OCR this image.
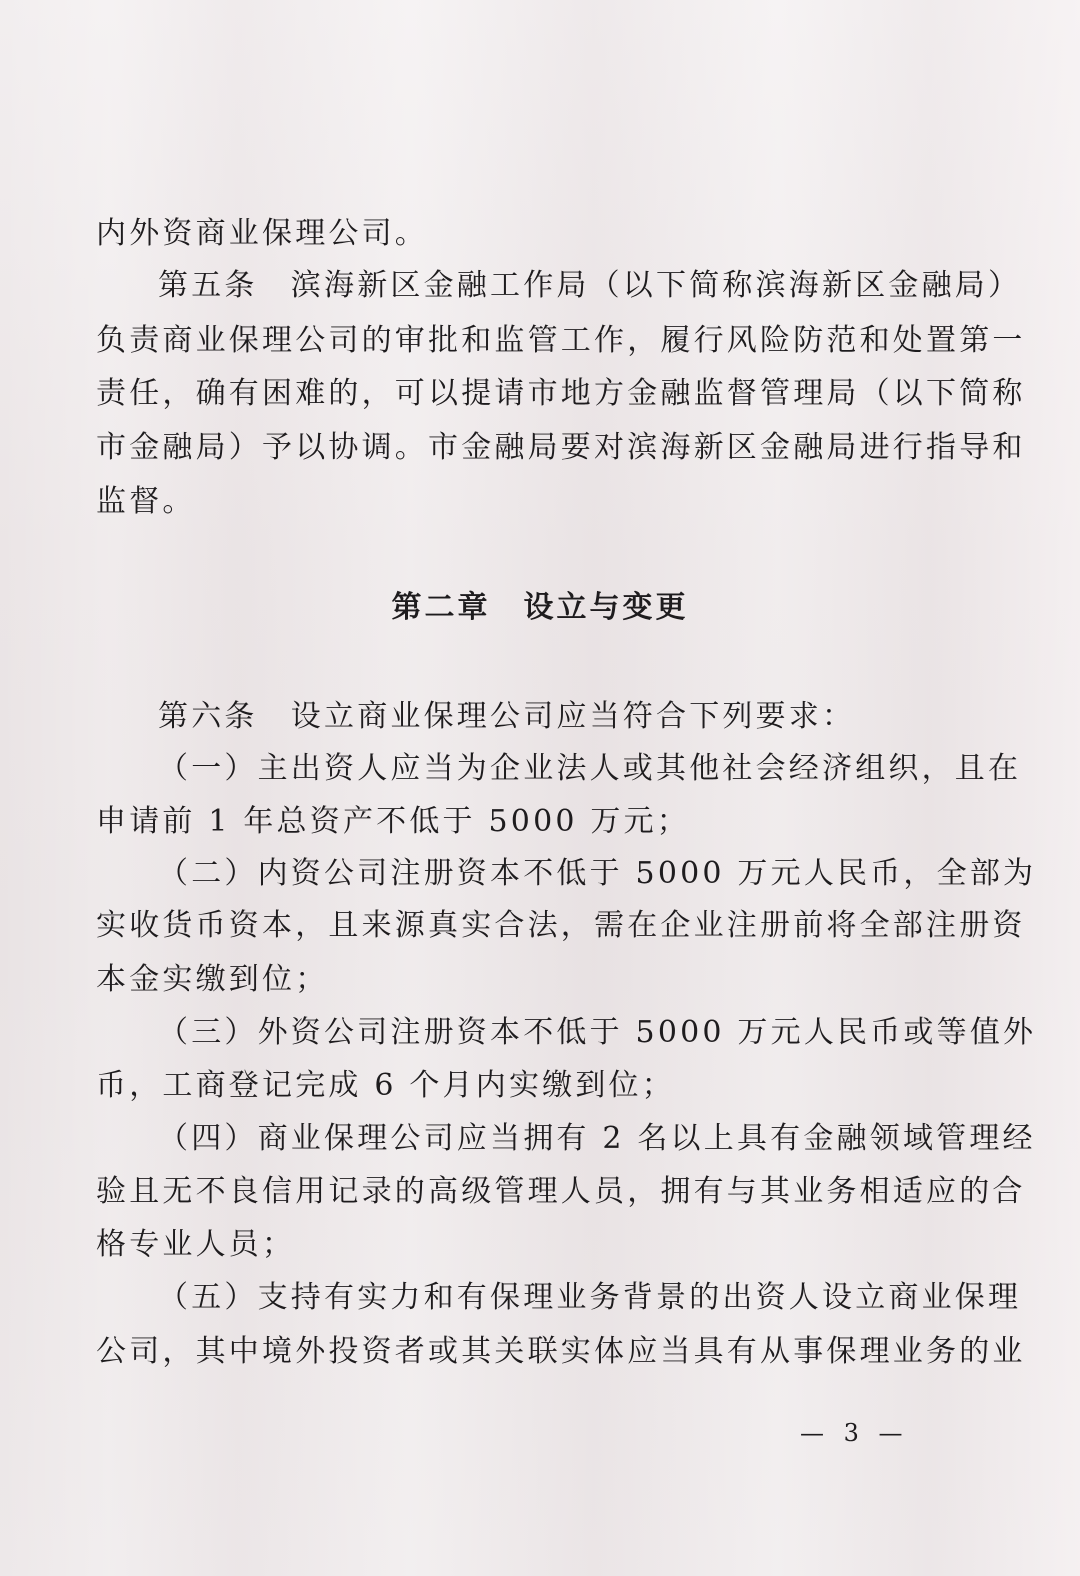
内外资商业保理公司。
第五条　滨海新区金融工作局（以下简称滨海新区金融局）
负责商业保理公司的审批和监管工作，履行风险防范和处置第一
责任，确有困难的，可以提请市地方金融监督管理局（以下简称
市金融局）予以协调。市金融局要对滨海新区金融局进行指导和
监督。
第二章　设立与变更
第六条　设立商业保理公司应当符合下列要求：
（一）主出资人应当为企业法人或其他社会经济组织，且在
申请前 1 年总资产不低于 5000 万元；
（二）内资公司注册资本不低于 5000 万元人民币，全部为
实收货币资本，且来源真实合法，需在企业注册前将全部注册资
本金实缴到位；
（三）外资公司注册资本不低于 5000 万元人民币或等值外
币，工商登记完成 6 个月内实缴到位；
（四）商业保理公司应当拥有 2 名以上具有金融领域管理经
验且无不良信用记录的高级管理人员，拥有与其业务相适应的合
格专业人员；
（五）支持有实力和有保理业务背景的出资人设立商业保理
公司，其中境外投资者或其关联实体应当具有从事保理业务的业
— 3 —
